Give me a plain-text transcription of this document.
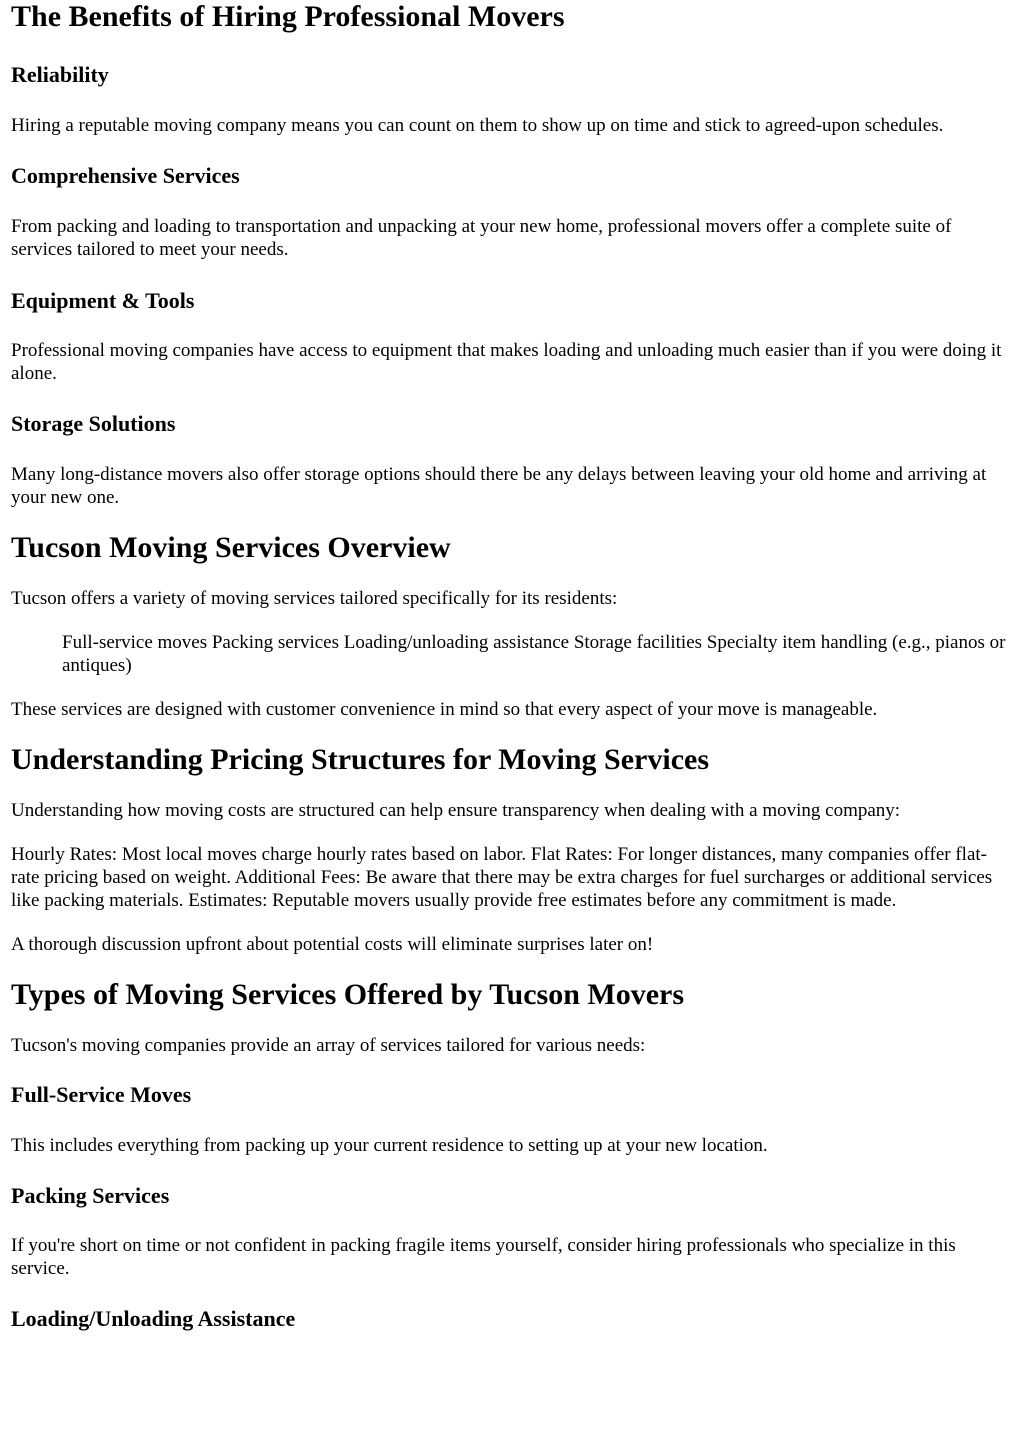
The Benefits of Hiring Professional Movers
Reliability

Hiring a reputable moving company means you can count on them to show up on time and stick to agreed-upon schedules.

Comprehensive Services

From packing and loading to transportation and unpacking at your new home, professional movers offer a complete suite of services tailored to meet your needs.

Equipment & Tools

Professional moving companies have access to equipment that makes loading and unloading much easier than if you were doing it alone.

Storage Solutions

Many long-distance movers also offer storage options should there be any delays between leaving your old home and arriving at your new one.

Tucson Moving Services Overview

Tucson offers a variety of moving services tailored specifically for its residents:

Full-service moves Packing services Loading/unloading assistance Storage facilities Specialty item handling (e.g., pianos or antiques)

These services are designed with customer convenience in mind so that every aspect of your move is manageable.

Understanding Pricing Structures for Moving Services

Understanding how moving costs are structured can help ensure transparency when dealing with a moving company:

Hourly Rates: Most local moves charge hourly rates based on labor. Flat Rates: For longer distances, many companies offer flat-rate pricing based on weight. Additional Fees: Be aware that there may be extra charges for fuel surcharges or additional services like packing materials. Estimates: Reputable movers usually provide free estimates before any commitment is made.

A thorough discussion upfront about potential costs will eliminate surprises later on!

Types of Moving Services Offered by Tucson Movers

Tucson's moving companies provide an array of services tailored for various needs:

Full-Service Moves

This includes everything from packing up your current residence to setting up at your new location.

Packing Services

If you're short on time or not confident in packing fragile items yourself, consider hiring professionals who specialize in this service.

Loading/Unloading Assistance
